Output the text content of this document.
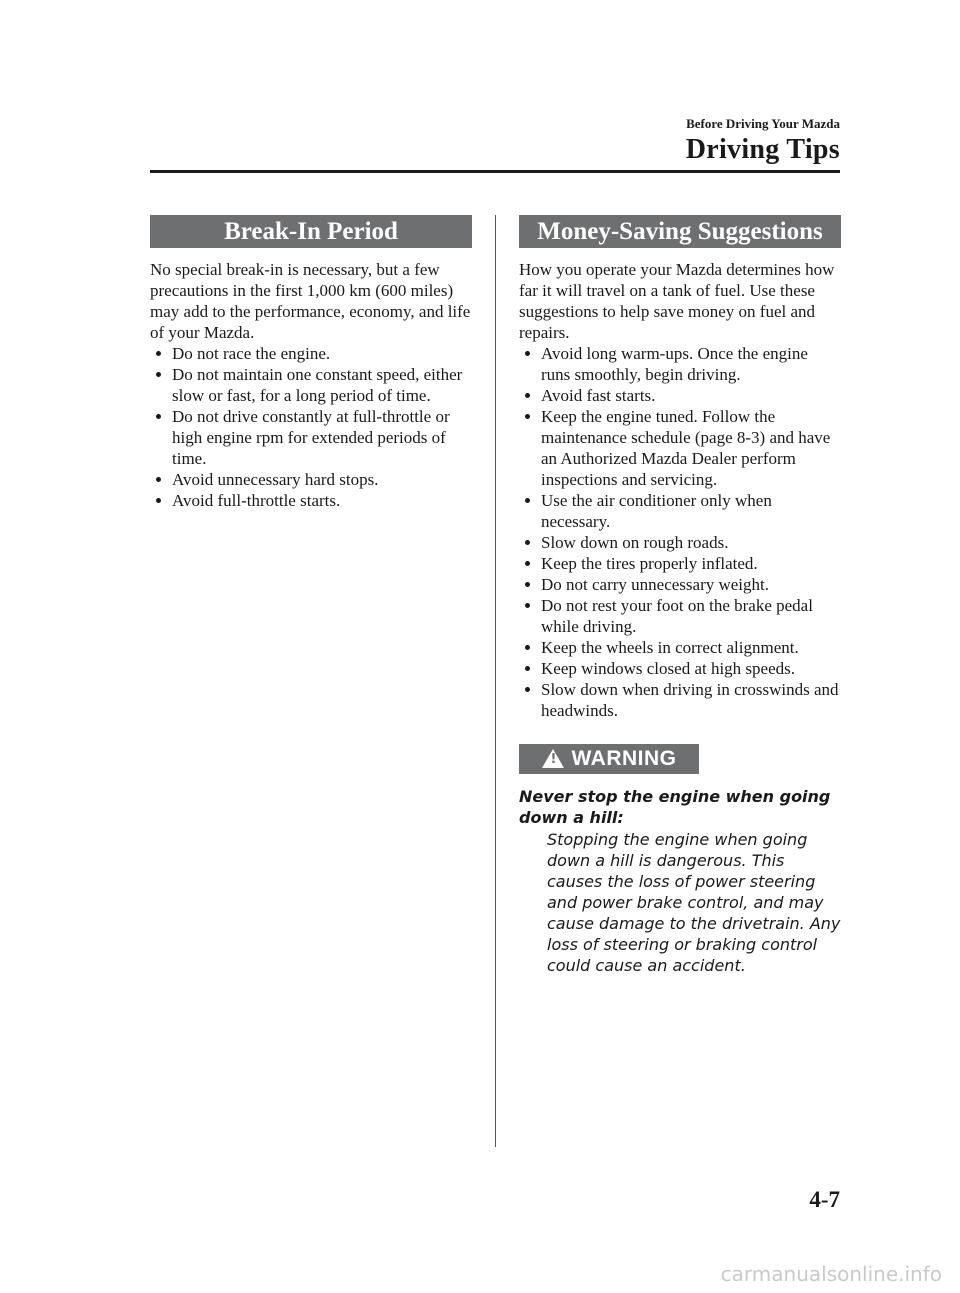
Before Driving Your Mazda
Driving Tips
Break-In Period

No special break-in is necessary, but a few precautions in the first 1,000 km (600 miles) may add to the performance, economy, and life of your Mazda.

Do not race the engine.
Do not maintain one constant speed, either slow or fast, for a long period of time.
Do not drive constantly at full-throttle or high engine rpm for extended periods of time.
Avoid unnecessary hard stops.
Avoid full-throttle starts.
Money-Saving Suggestions

How you operate your Mazda determines how far it will travel on a tank of fuel. Use these suggestions to help save money on fuel and repairs.

Avoid long warm-ups. Once the engine runs smoothly, begin driving.
Avoid fast starts.
Keep the engine tuned. Follow the maintenance schedule (page 8-3) and have an Authorized Mazda Dealer perform inspections and servicing.
Use the air conditioner only when necessary.
Slow down on rough roads.
Keep the tires properly inflated.
Do not carry unnecessary weight.
Do not rest your foot on the brake pedal while driving.
Keep the wheels in correct alignment.
Keep windows closed at high speeds.
Slow down when driving in crosswinds and headwinds.
! WARNING

Never stop the engine when going down a hill:

Stopping the engine when going down a hill is dangerous. This causes the loss of power steering and power brake control, and may cause damage to the drivetrain. Any loss of steering or braking control could cause an accident.

4-7
carmanualsonline.info
